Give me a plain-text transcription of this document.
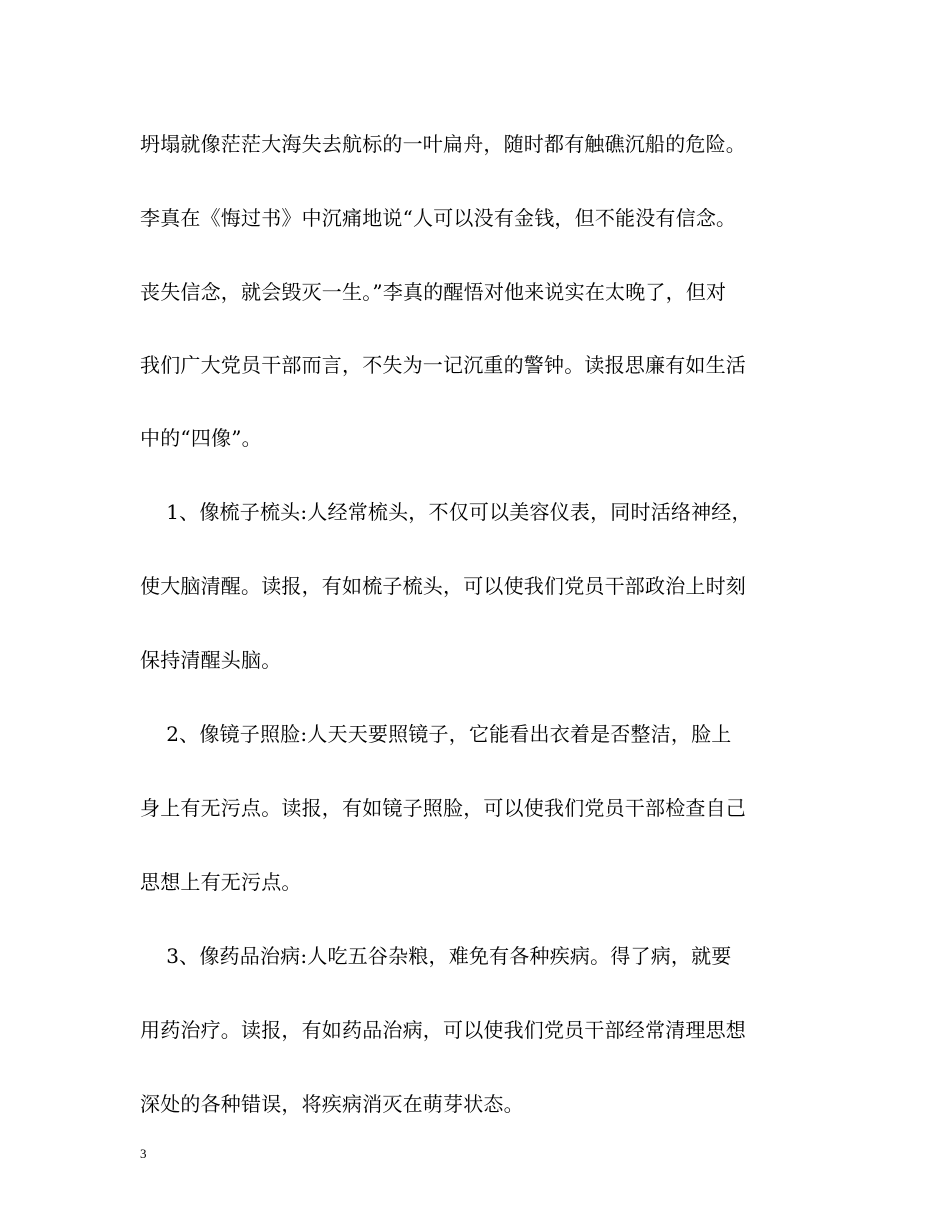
坍塌就像茫茫大海失去航标的一叶扁舟，随时都有触礁沉船的危险。
李真在《悔过书》中沉痛地说“人可以没有金钱，但不能没有信念。
丧失信念，就会毁灭一生。”李真的醒悟对他来说实在太晚了，但对
我们广大党员干部而言，不失为一记沉重的警钟。读报思廉有如生活
中的“四像”。
1、像梳子梳头:人经常梳头，不仅可以美容仪表，同时活络神经，
使大脑清醒。读报，有如梳子梳头，可以使我们党员干部政治上时刻
保持清醒头脑。
2、像镜子照脸:人天天要照镜子，它能看出衣着是否整洁，脸上
身上有无污点。读报，有如镜子照脸，可以使我们党员干部检查自己
思想上有无污点。
3、像药品治病:人吃五谷杂粮，难免有各种疾病。得了病，就要
用药治疗。读报，有如药品治病，可以使我们党员干部经常清理思想
深处的各种错误，将疾病消灭在萌芽状态。
3
